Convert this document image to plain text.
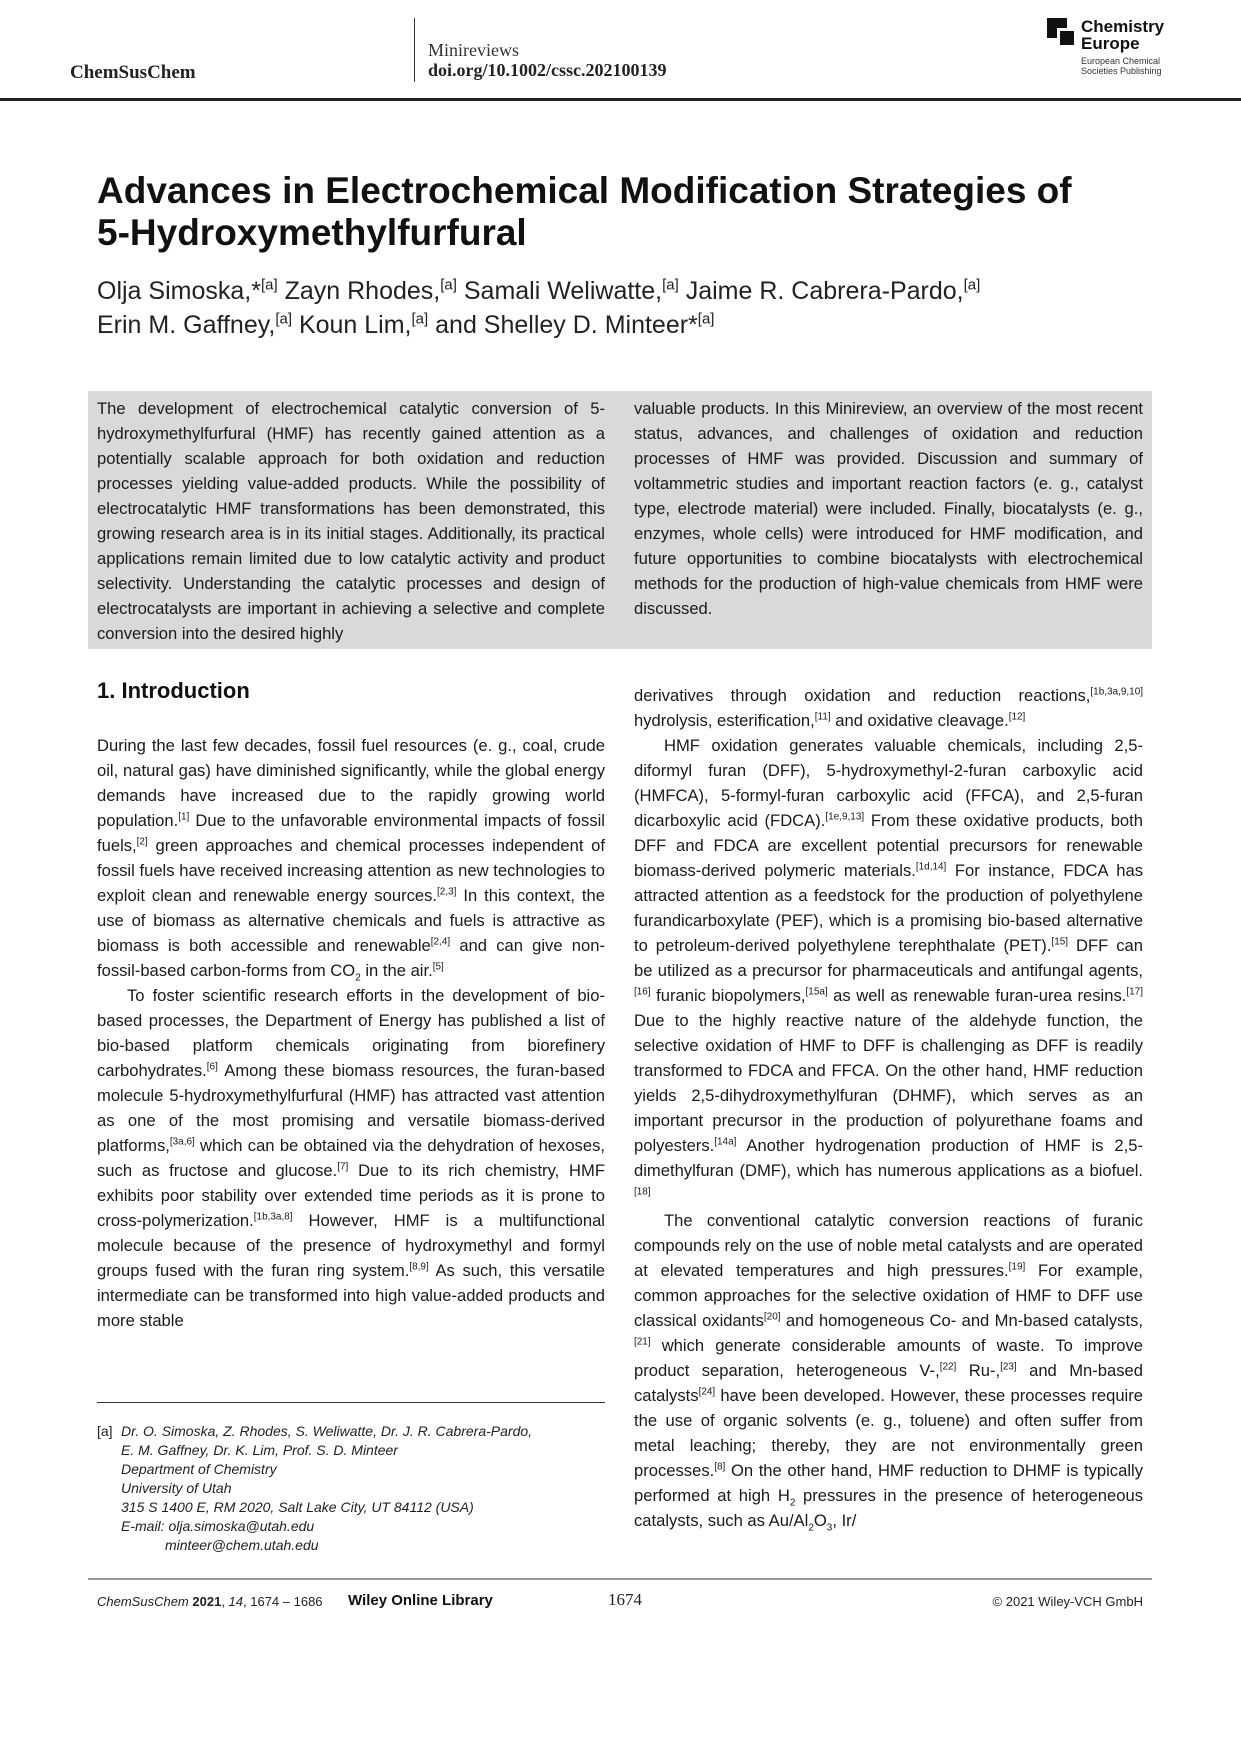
ChemSusChem
Minireviews
doi.org/10.1002/cssc.202100139
Chemistry
Europe
European Chemical
Societies Publishing
Advances in Electrochemical Modification Strategies of
5-Hydroxymethylfurfural
Olja Simoska,*[a] Zayn Rhodes,[a] Samali Weliwatte,[a] Jaime R. Cabrera-Pardo,[a]
Erin M. Gaffney,[a] Koun Lim,[a] and Shelley D. Minteer*[a]

The development of electrochemical catalytic conversion of 5-hydroxymethylfurfural (HMF) has recently gained attention as a potentially scalable approach for both oxidation and reduction processes yielding value-added products. While the possibility of electrocatalytic HMF transformations has been demonstrated, this growing research area is in its initial stages. Additionally, its practical applications remain limited due to low catalytic activity and product selectivity. Understanding the catalytic processes and design of electrocatalysts are important in achieving a selective and complete conversion into the desired highly

valuable products. In this Minireview, an overview of the most recent status, advances, and challenges of oxidation and reduction processes of HMF was provided. Discussion and summary of voltammetric studies and important reaction factors (e. g., catalyst type, electrode material) were included. Finally, biocatalysts (e. g., enzymes, whole cells) were introduced for HMF modification, and future opportunities to combine biocatalysts with electrochemical methods for the production of high-value chemicals from HMF were discussed.

1. Introduction

During the last few decades, fossil fuel resources (e. g., coal, crude oil, natural gas) have diminished significantly, while the global energy demands have increased due to the rapidly growing world population.[1] Due to the unfavorable environmental impacts of fossil fuels,[2] green approaches and chemical processes independent of fossil fuels have received increasing attention as new technologies to exploit clean and renewable energy sources.[2,3] In this context, the use of biomass as alternative chemicals and fuels is attractive as biomass is both accessible and renewable[2,4] and can give non-fossil-based carbon-forms from $CO_2$ in the air.[5]

To foster scientific research efforts in the development of bio-based processes, the Department of Energy has published a list of bio-based platform chemicals originating from biorefinery carbohydrates.[6] Among these biomass resources, the furan-based molecule 5-hydroxymethylfurfural (HMF) has attracted vast attention as one of the most promising and versatile biomass-derived platforms,[3a,6] which can be obtained via the dehydration of hexoses, such as fructose and glucose.[7] Due to its rich chemistry, HMF exhibits poor stability over extended time periods as it is prone to cross-polymerization.[1b,3a,8] However, HMF is a multifunctional molecule because of the presence of hydroxymethyl and formyl groups fused with the furan ring system.[8,9] As such, this versatile intermediate can be transformed into high value-added products and more stable

derivatives through oxidation and reduction reactions,[1b,3a,9,10] hydrolysis, esterification,[11] and oxidative cleavage.[12]

HMF oxidation generates valuable chemicals, including 2,5-diformyl furan (DFF), 5-hydroxymethyl-2-furan carboxylic acid (HMFCA), 5-formyl-furan carboxylic acid (FFCA), and 2,5-furan dicarboxylic acid (FDCA).[1e,9,13] From these oxidative products, both DFF and FDCA are excellent potential precursors for renewable biomass-derived polymeric materials.[1d,14] For instance, FDCA has attracted attention as a feedstock for the production of polyethylene furandicarboxylate (PEF), which is a promising bio-based alternative to petroleum-derived polyethylene terephthalate (PET).[15] DFF can be utilized as a precursor for pharmaceuticals and antifungal agents,[16] furanic biopolymers,[15a] as well as renewable furan-urea resins.[17] Due to the highly reactive nature of the aldehyde function, the selective oxidation of HMF to DFF is challenging as DFF is readily transformed to FDCA and FFCA. On the other hand, HMF reduction yields 2,5-dihydroxymethylfuran (DHMF), which serves as an important precursor in the production of polyurethane foams and polyesters.[14a] Another hydrogenation production of HMF is 2,5-dimethylfuran (DMF), which has numerous applications as a biofuel.[18]

The conventional catalytic conversion reactions of furanic compounds rely on the use of noble metal catalysts and are operated at elevated temperatures and high pressures.[19] For example, common approaches for the selective oxidation of HMF to DFF use classical oxidants[20] and homogeneous Co- and Mn-based catalysts,[21] which generate considerable amounts of waste. To improve product separation, heterogeneous V-,[22] Ru-,[23] and Mn-based catalysts[24] have been developed. However, these processes require the use of organic solvents (e. g., toluene) and often suffer from metal leaching; thereby, they are not environmentally green processes.[8] On the other hand, HMF reduction to DHMF is typically performed at high $H_2$ pressures in the presence of heterogeneous catalysts, such as $Au/Al_2O_3$, Ir/

[a] Dr. O. Simoska, Z. Rhodes, S. Weliwatte, Dr. J. R. Cabrera-Pardo,
E. M. Gaffney, Dr. K. Lim, Prof. S. D. Minteer
Department of Chemistry
University of Utah
315 S 1400 E, RM 2020, Salt Lake City, UT 84112 (USA)
E-mail: olja.simoska@utah.edu
minteer@chem.utah.edu
ChemSusChem 2021, 14, 1674 – 1686 Wiley Online Library	1674	© 2021 Wiley-VCH GmbH
